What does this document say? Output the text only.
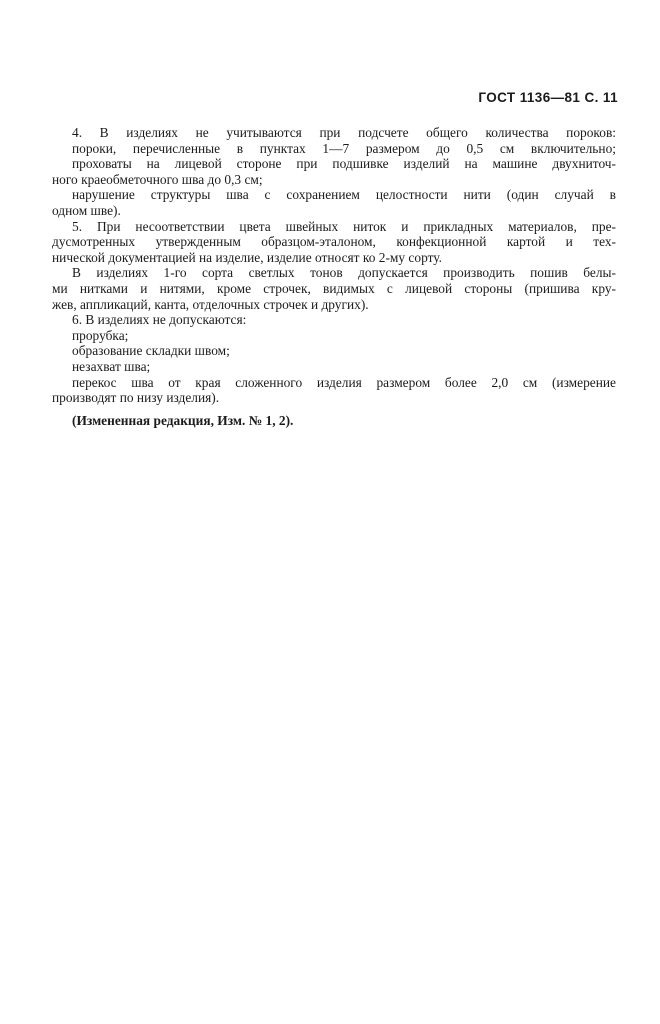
ГОСТ 1136—81 С. 11
4. В изделиях не учитываются при подсчете общего количества пороков:
пороки, перечисленные в пунктах 1—7 размером до 0,5 см включительно;
проховаты на лицевой стороне при подшивке изделий на машине двухниточ-
ного краеобметочного шва до 0,3 см;
нарушение структуры шва с сохранением целостности нити (один случай в
одном шве).
5. При несоответствии цвета швейных ниток и прикладных материалов, пре-
дусмотренных утвержденным образцом-эталоном, конфекционной картой и тех-
нической документацией на изделие, изделие относят ко 2-му сорту.
В изделиях 1-го сорта светлых тонов допускается производить пошив белы-
ми нитками и нитями, кроме строчек, видимых с лицевой стороны (пришива кру-
жев, аппликаций, канта, отделочных строчек и других).
6. В изделиях не допускаются:
прорубка;
образование складки швом;
незахват шва;
перекос шва от края сложенного изделия размером более 2,0 см (измерение
производят по низу изделия).
(Измененная редакция, Изм. № 1, 2).
